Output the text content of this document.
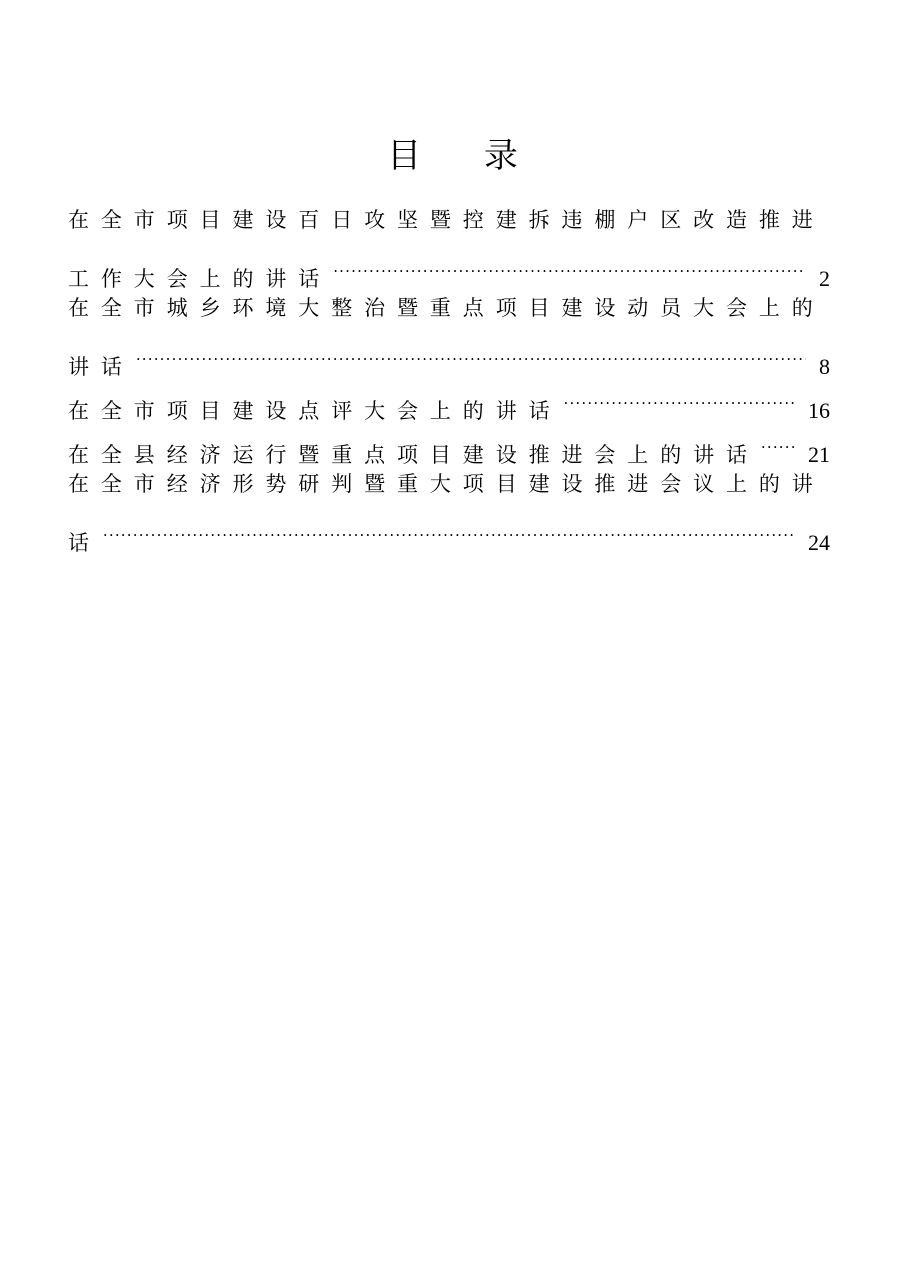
目 录
在全市项目建设百日攻坚暨控建拆违棚户区改造推进
工作大会上的讲话 .....	2
在全市城乡环境大整治暨重点项目建设动员大会上的
讲话 .....	8
在全市项目建设点评大会上的讲话 .....	16
在全县经济运行暨重点项目建设推进会上的讲话 ..... 21
在全市经济形势研判暨重大项目建设推进会议上的讲
话 .....	24
